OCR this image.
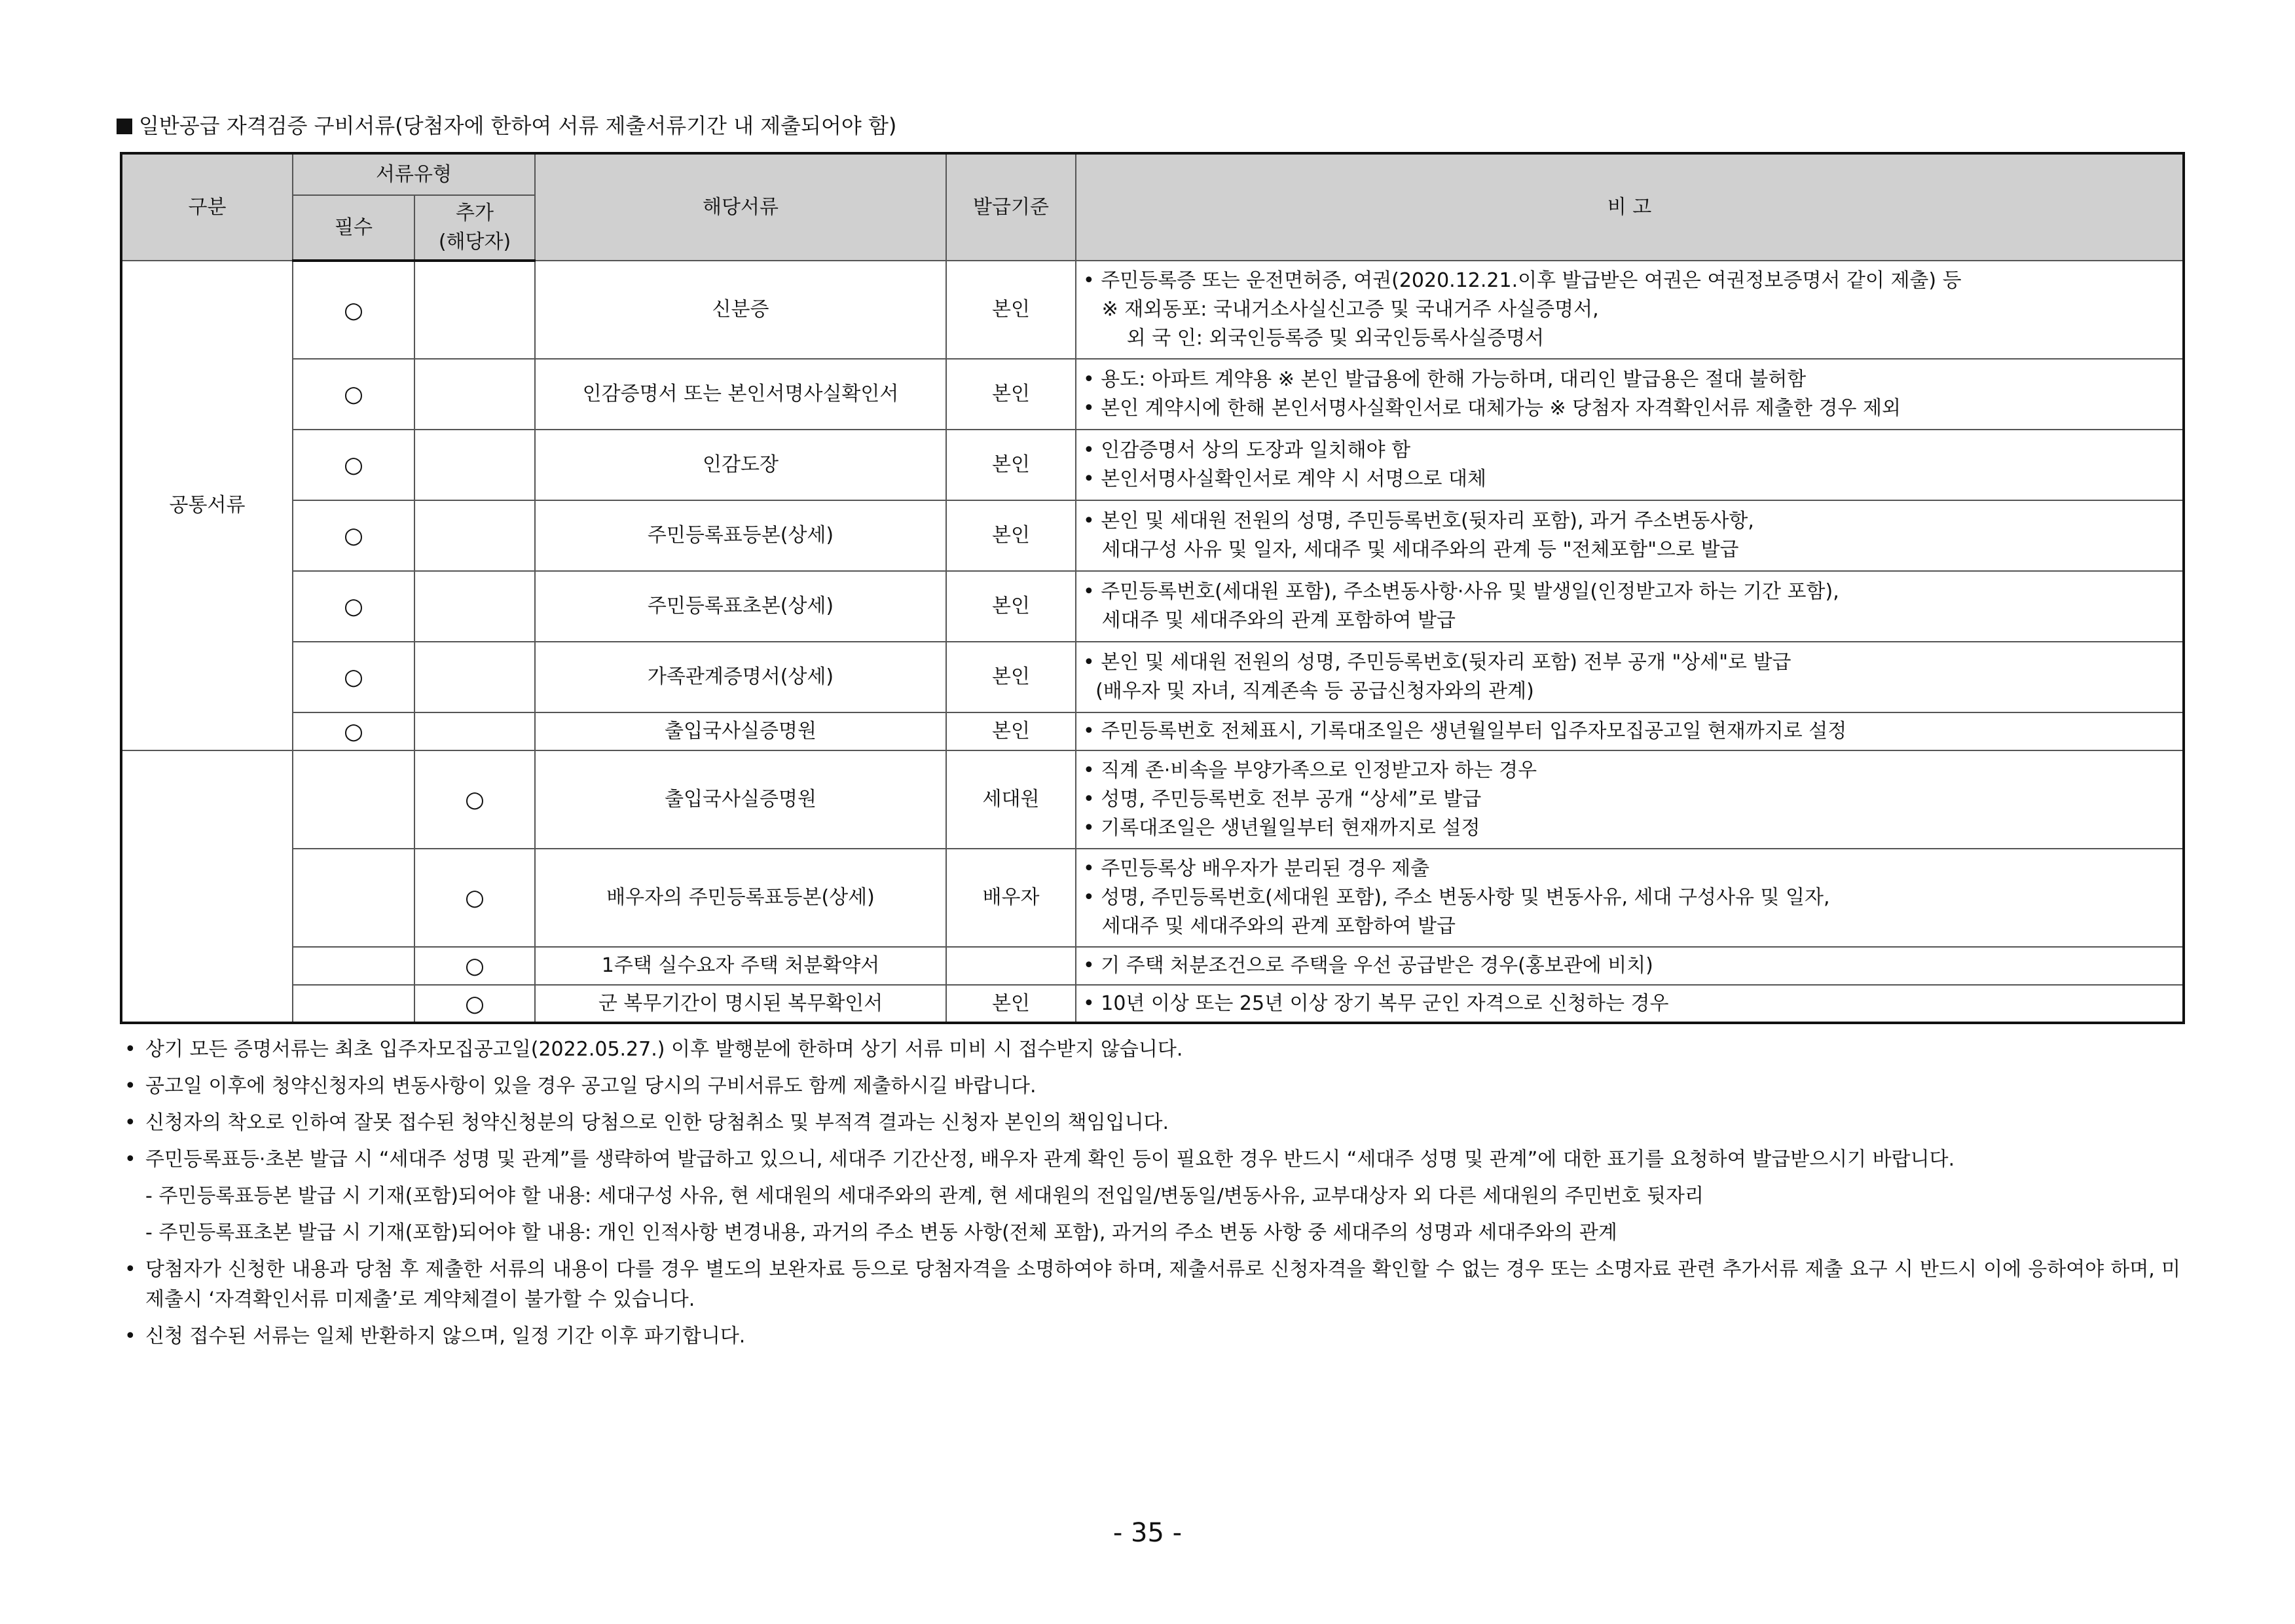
일반공급 자격검증 구비서류(당첨자에 한하여 서류 제출서류기간 내 제출되어야 함)
구분	서류유형		해당서류	발급기준	비 고
	필수	추가
(해당자)			

공통서류	○		신분증	본인	• 주민등록증 또는 운전면허증, 여권(2020.12.21.이후 발급받은 여권은 여권정보증명서 같이 제출) 등
※ 재외동포: 국내거소사실신고증 및 국내거주 사실증명서,
외 국 인: 외국인등록증 및 외국인등록사실증명서

	○		인감증명서 또는 본인서명사실확인서	본인	• 용도: 아파트 계약용 ※ 본인 발급용에 한해 가능하며, 대리인 발급용은 절대 불허함
• 본인 계약시에 한해 본인서명사실확인서로 대체가능 ※ 당첨자 자격확인서류 제출한 경우 제외

	○		인감도장	본인	• 인감증명서 상의 도장과 일치해야 함
• 본인서명사실확인서로 계약 시 서명으로 대체

	○		주민등록표등본(상세)	본인	• 본인 및 세대원 전원의 성명, 주민등록번호(뒷자리 포함), 과거 주소변동사항,
세대구성 사유 및 일자, 세대주 및 세대주와의 관계 등 "전체포함"으로 발급

	○		주민등록표초본(상세)	본인	• 주민등록번호(세대원 포함), 주소변동사항·사유 및 발생일(인정받고자 하는 기간 포함),
세대주 및 세대주와의 관계 포함하여 발급

	○		가족관계증명서(상세)	본인	• 본인 및 세대원 전원의 성명, 주민등록번호(뒷자리 포함) 전부 공개 "상세"로 발급
(배우자 및 자녀, 직계존속 등 공급신청자와의 관계)

	○		출입국사실증명원	본인	• 주민등록번호 전체표시, 기록대조일은 생년월일부터 입주자모집공고일 현재까지로 설정

		○	출입국사실증명원	세대원	• 직계 존·비속을 부양가족으로 인정받고자 하는 경우
• 성명, 주민등록번호 전부 공개 “상세”로 발급
• 기록대조일은 생년월일부터 현재까지로 설정

		○	배우자의 주민등록표등본(상세)	배우자	• 주민등록상 배우자가 분리된 경우 제출
• 성명, 주민등록번호(세대원 포함), 주소 변동사항 및 변동사유, 세대 구성사유 및 일자,
세대주 및 세대주와의 관계 포함하여 발급

		○	1주택 실수요자 주택 처분확약서		• 기 주택 처분조건으로 주택을 우선 공급받은 경우(홍보관에 비치)

		○	군 복무기간이 명시된 복무확인서	본인	• 10년 이상 또는 25년 이상 장기 복무 군인 자격으로 신청하는 경우
• 상기 모든 증명서류는 최초 입주자모집공고일(2022.05.27.) 이후 발행분에 한하며 상기 서류 미비 시 접수받지 않습니다.
• 공고일 이후에 청약신청자의 변동사항이 있을 경우 공고일 당시의 구비서류도 함께 제출하시길 바랍니다.
• 신청자의 착오로 인하여 잘못 접수된 청약신청분의 당첨으로 인한 당첨취소 및 부적격 결과는 신청자 본인의 책임입니다.
• 주민등록표등·초본 발급 시 “세대주 성명 및 관계”를 생략하여 발급하고 있으니, 세대주 기간산정, 배우자 관계 확인 등이 필요한 경우 반드시 “세대주 성명 및 관계”에 대한 표기를 요청하여 발급받으시기 바랍니다.
- 주민등록표등본 발급 시 기재(포함)되어야 할 내용: 세대구성 사유, 현 세대원의 세대주와의 관계, 현 세대원의 전입일/변동일/변동사유, 교부대상자 외 다른 세대원의 주민번호 뒷자리
- 주민등록표초본 발급 시 기재(포함)되어야 할 내용: 개인 인적사항 변경내용, 과거의 주소 변동 사항(전체 포함), 과거의 주소 변동 사항 중 세대주의 성명과 세대주와의 관계
• 당첨자가 신청한 내용과 당첨 후 제출한 서류의 내용이 다를 경우 별도의 보완자료 등으로 당첨자격을 소명하여야 하며, 제출서류로 신청자격을 확인할 수 없는 경우 또는 소명자료 관련 추가서류 제출 요구 시 반드시 이에 응하여야 하며, 미제출시 ‘자격확인서류 미제출’로 계약체결이 불가할 수 있습니다.
• 신청 접수된 서류는 일체 반환하지 않으며, 일정 기간 이후 파기합니다.
- 35 -
